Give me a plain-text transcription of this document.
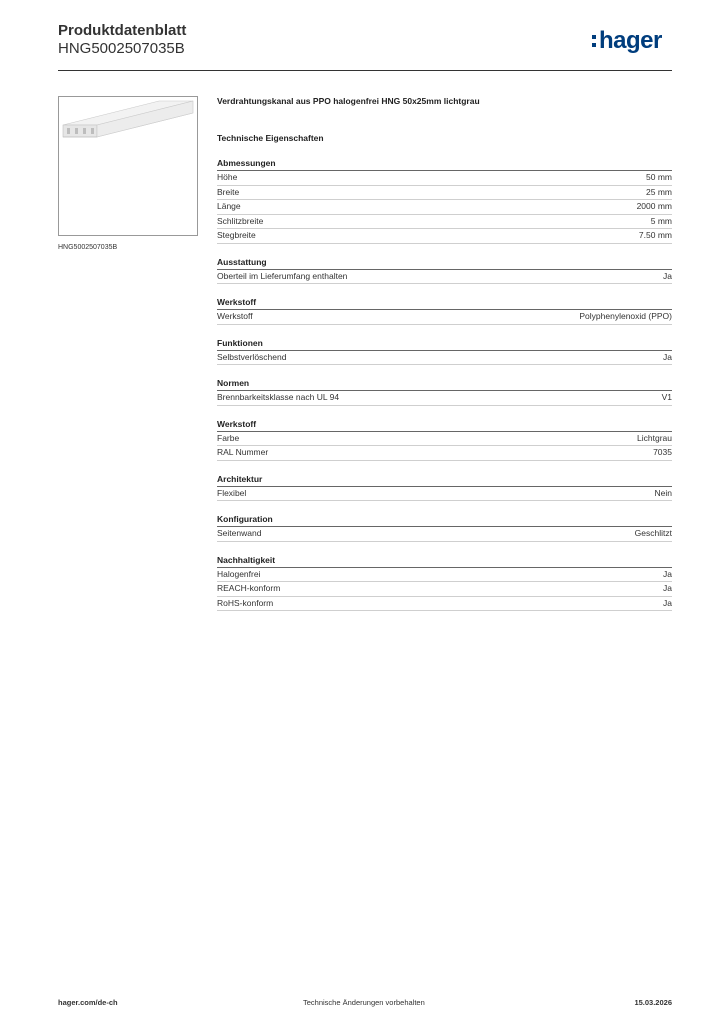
Produktdatenblatt
HNG5002507035B	hager
HNG5002507035B
Verdrahtungskanal aus PPO halogenfrei HNG 50x25mm lichtgrau
Technische Eigenschaften
Abmessungen
Höhe	50 mm
Breite	25 mm
Länge	2000 mm
Schlitzbreite	5 mm
Stegbreite	7.50 mm
Ausstattung
Oberteil im Lieferumfang enthalten	Ja
Werkstoff
Werkstoff	Polyphenylenoxid (PPO)
Funktionen
Selbstverlöschend	Ja
Normen
Brennbarkeitsklasse nach UL 94	V1
Werkstoff
Farbe	Lichtgrau
RAL Nummer	7035
Architektur
Flexibel	Nein
Konfiguration
Seitenwand	Geschlitzt
Nachhaltigkeit
Halogenfrei	Ja
REACH-konform	Ja
RoHS-konform	Ja
hager.com/de-ch	Technische Änderungen vorbehalten	15.03.2026
